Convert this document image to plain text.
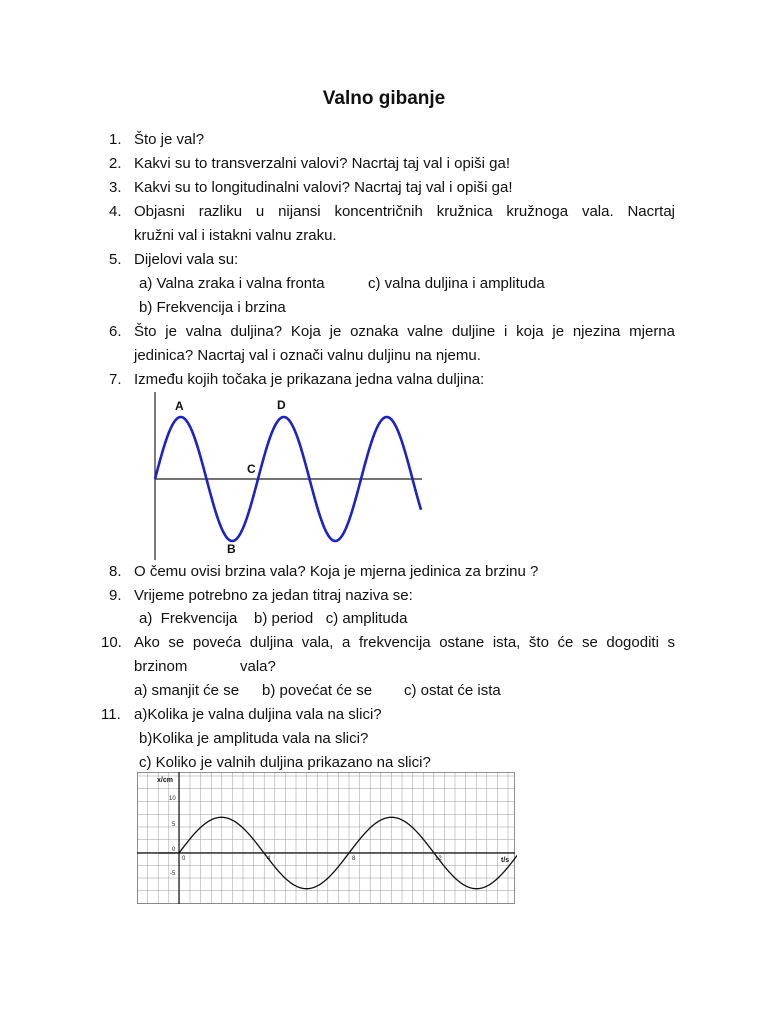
Valno gibanje
1. Što je val?
2. Kakvi su to transverzalni valovi? Nacrtaj taj val i opiši ga!
3. Kakvi su to longitudinalni valovi? Nacrtaj taj val i opiši ga!
4. Objasni razliku u nijansi koncentričnih kružnica kružnoga vala. Nacrtaj
kružni val i istakni valnu zraku.
5. Dijelovi vala su:
a) Valna zraka i valna fronta	c) valna duljina i amplituda
b) Frekvencija i brzina
6. Što je valna duljina? Koja je oznaka valne duljine i koja je njezina mjerna
jedinica? Nacrtaj val i označi valnu duljinu na njemu.
7. Između kojih točaka je prikazana jedna valna duljina:
A	D
C
B
8. O čemu ovisi brzina vala? Koja je mjerna jedinica za brzinu ?
9. Vrijeme potrebno za jedan titraj naziva se:
a)  Frekvencija    b) period   c) amplituda
10. Ako se poveća duljina vala, a frekvencija ostane ista, što će se dogoditi s
brzinom	vala?
a) smanjit će se b) povećat će se c) ostat će ista
11. a)Kolika je valna duljina vala na slici?
b)Kolika je amplituda vala na slici?
c) Koliko je valnih duljina prikazano na slici?
x/cm
t/s
10
5
0
-5
0	4	8	12
